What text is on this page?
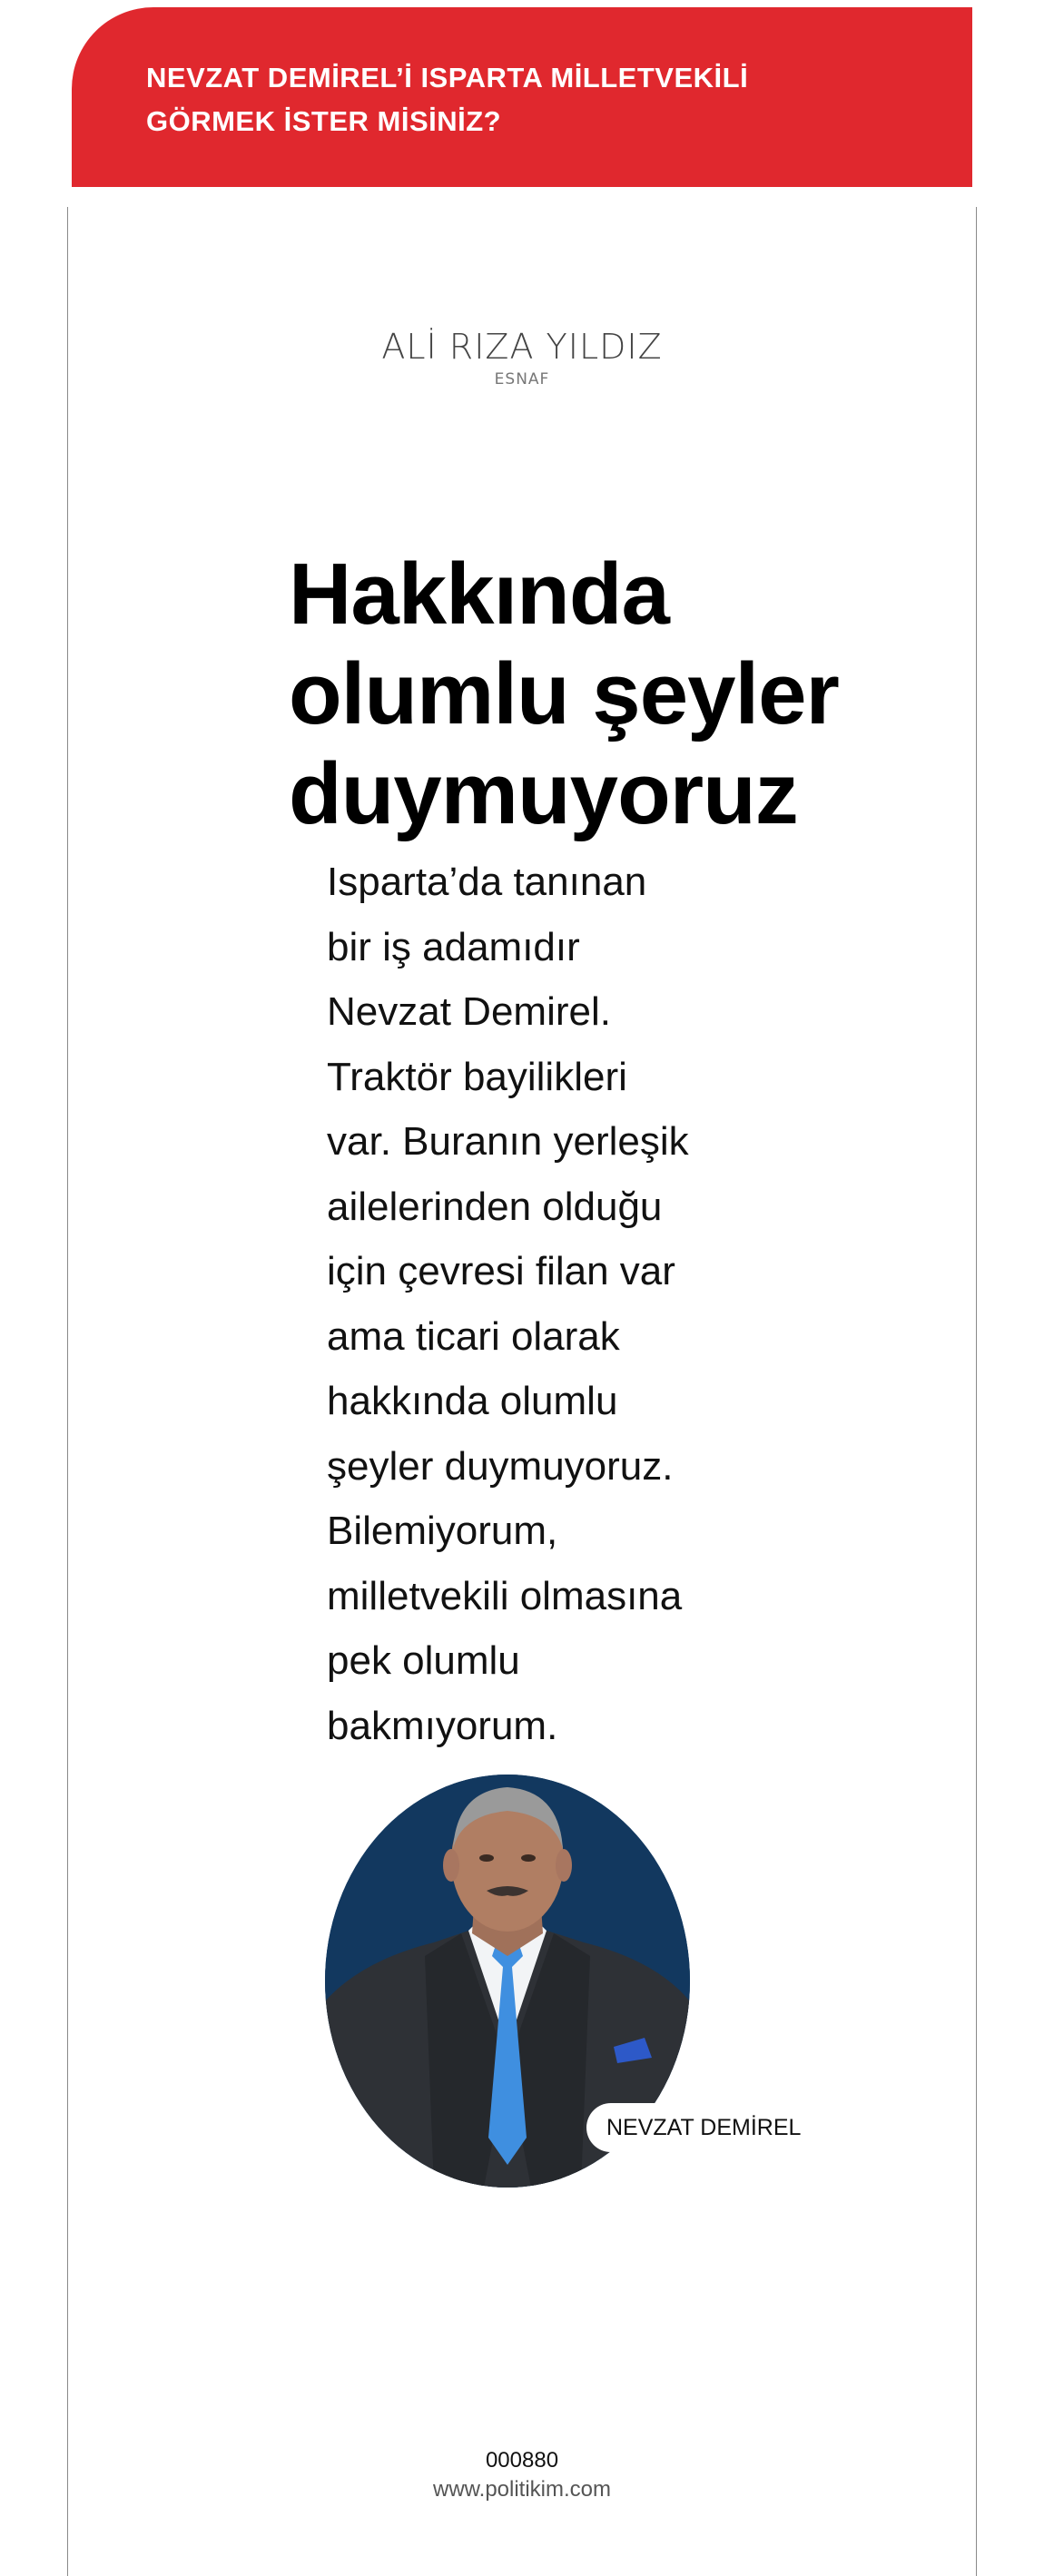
NEVZAT DEMİREL’İ ISPARTA MİLLETVEKİLİ
GÖRMEK İSTER MİSİNİZ?
ALİ RIZA YILDIZ
ESNAF
Hakkında
olumlu şeyler
duymuyoruz

Isparta’da tanınan
bir iş adamıdır
Nevzat Demirel.
Traktör bayilikleri
var. Buranın yerleşik
ailelerinden olduğu
için çevresi filan var
ama ticari olarak
hakkında olumlu
şeyler duymuyoruz.
Bilemiyorum,
milletvekili olmasına
pek olumlu
bakmıyorum.

NEVZAT DEMİREL
000880
www.politikim.com
